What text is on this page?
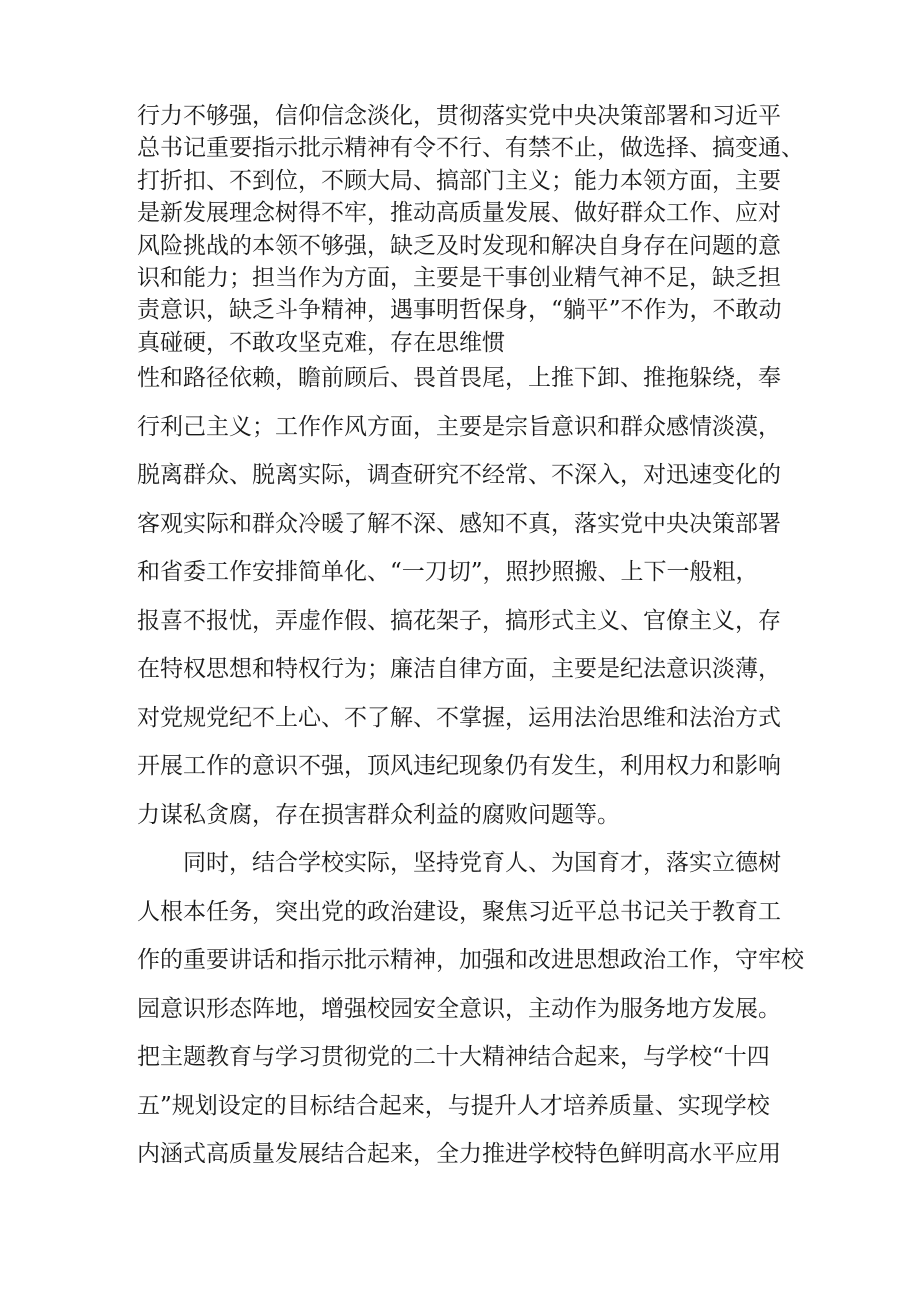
行力不够强，信仰信念淡化，贯彻落实党中央决策部署和习近平
总书记重要指示批示精神有令不行、有禁不止，做选择、搞变通、
打折扣、不到位，不顾大局、搞部门主义；能力本领方面，主要
是新发展理念树得不牢，推动高质量发展、做好群众工作、应对
风险挑战的本领不够强，缺乏及时发现和解决自身存在问题的意
识和能力；担当作为方面，主要是干事创业精气神不足，缺乏担
责意识，缺乏斗争精神，遇事明哲保身，“躺平”不作为，不敢动
真碰硬，不敢攻坚克难，存在思维惯
性和路径依赖，瞻前顾后、畏首畏尾，上推下卸、推拖躲绕，奉
行利己主义；工作作风方面，主要是宗旨意识和群众感情淡漠，
脱离群众、脱离实际，调查研究不经常、不深入，对迅速变化的
客观实际和群众冷暖了解不深、感知不真，落实党中央决策部署
和省委工作安排简单化、“一刀切”，照抄照搬、上下一般粗，
报喜不报忧，弄虚作假、搞花架子，搞形式主义、官僚主义，存
在特权思想和特权行为；廉洁自律方面，主要是纪法意识淡薄，
对党规党纪不上心、不了解、不掌握，运用法治思维和法治方式
开展工作的意识不强，顶风违纪现象仍有发生，利用权力和影响
力谋私贪腐，存在损害群众利益的腐败问题等。
　　同时，结合学校实际，坚持党育人、为国育才，落实立德树
人根本任务，突出党的政治建设，聚焦习近平总书记关于教育工
作的重要讲话和指示批示精神，加强和改进思想政治工作，守牢校
园意识形态阵地，增强校园安全意识，主动作为服务地方发展。
把主题教育与学习贯彻党的二十大精神结合起来，与学校“十四
五”规划设定的目标结合起来，与提升人才培养质量、实现学校
内涵式高质量发展结合起来，全力推进学校特色鲜明高水平应用
